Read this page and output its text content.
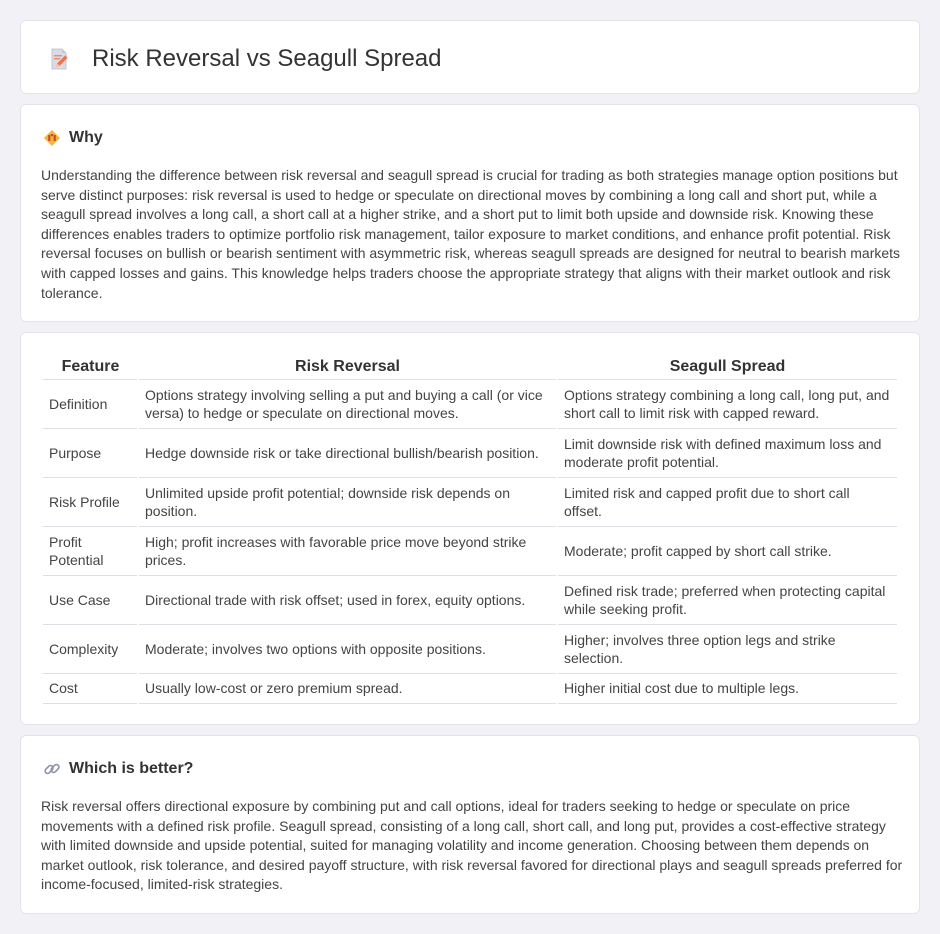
Risk Reversal vs Seagull Spread
Why

Understanding the difference between risk reversal and seagull spread is crucial for trading as both strategies manage option positions but serve distinct purposes: risk reversal is used to hedge or speculate on directional moves by combining a long call and short put, while a seagull spread involves a long call, a short call at a higher strike, and a short put to limit both upside and downside risk. Knowing these differences enables traders to optimize portfolio risk management, tailor exposure to market conditions, and enhance profit potential. Risk reversal focuses on bullish or bearish sentiment with asymmetric risk, whereas seagull spreads are designed for neutral to bearish markets with capped losses and gains. This knowledge helps traders choose the appropriate strategy that aligns with their market outlook and risk tolerance.

Feature	Risk Reversal	Seagull Spread
Definition	Options strategy involving selling a put and buying a call (or vice versa) to hedge or speculate on directional moves.	Options strategy combining a long call, long put, and short call to limit risk with capped reward.
Purpose	Hedge downside risk or take directional bullish/bearish position.	Limit downside risk with defined maximum loss and moderate profit potential.
Risk Profile	Unlimited upside profit potential; downside risk depends on position.	Limited risk and capped profit due to short call offset.
Profit Potential	High; profit increases with favorable price move beyond strike prices.	Moderate; profit capped by short call strike.
Use Case	Directional trade with risk offset; used in forex, equity options.	Defined risk trade; preferred when protecting capital while seeking profit.
Complexity	Moderate; involves two options with opposite positions.	Higher; involves three option legs and strike selection.
Cost	Usually low-cost or zero premium spread.	Higher initial cost due to multiple legs.
Which is better?

Risk reversal offers directional exposure by combining put and call options, ideal for traders seeking to hedge or speculate on price movements with a defined risk profile. Seagull spread, consisting of a long call, short call, and long put, provides a cost-effective strategy with limited downside and upside potential, suited for managing volatility and income generation. Choosing between them depends on market outlook, risk tolerance, and desired payoff structure, with risk reversal favored for directional plays and seagull spreads preferred for income-focused, limited-risk strategies.
